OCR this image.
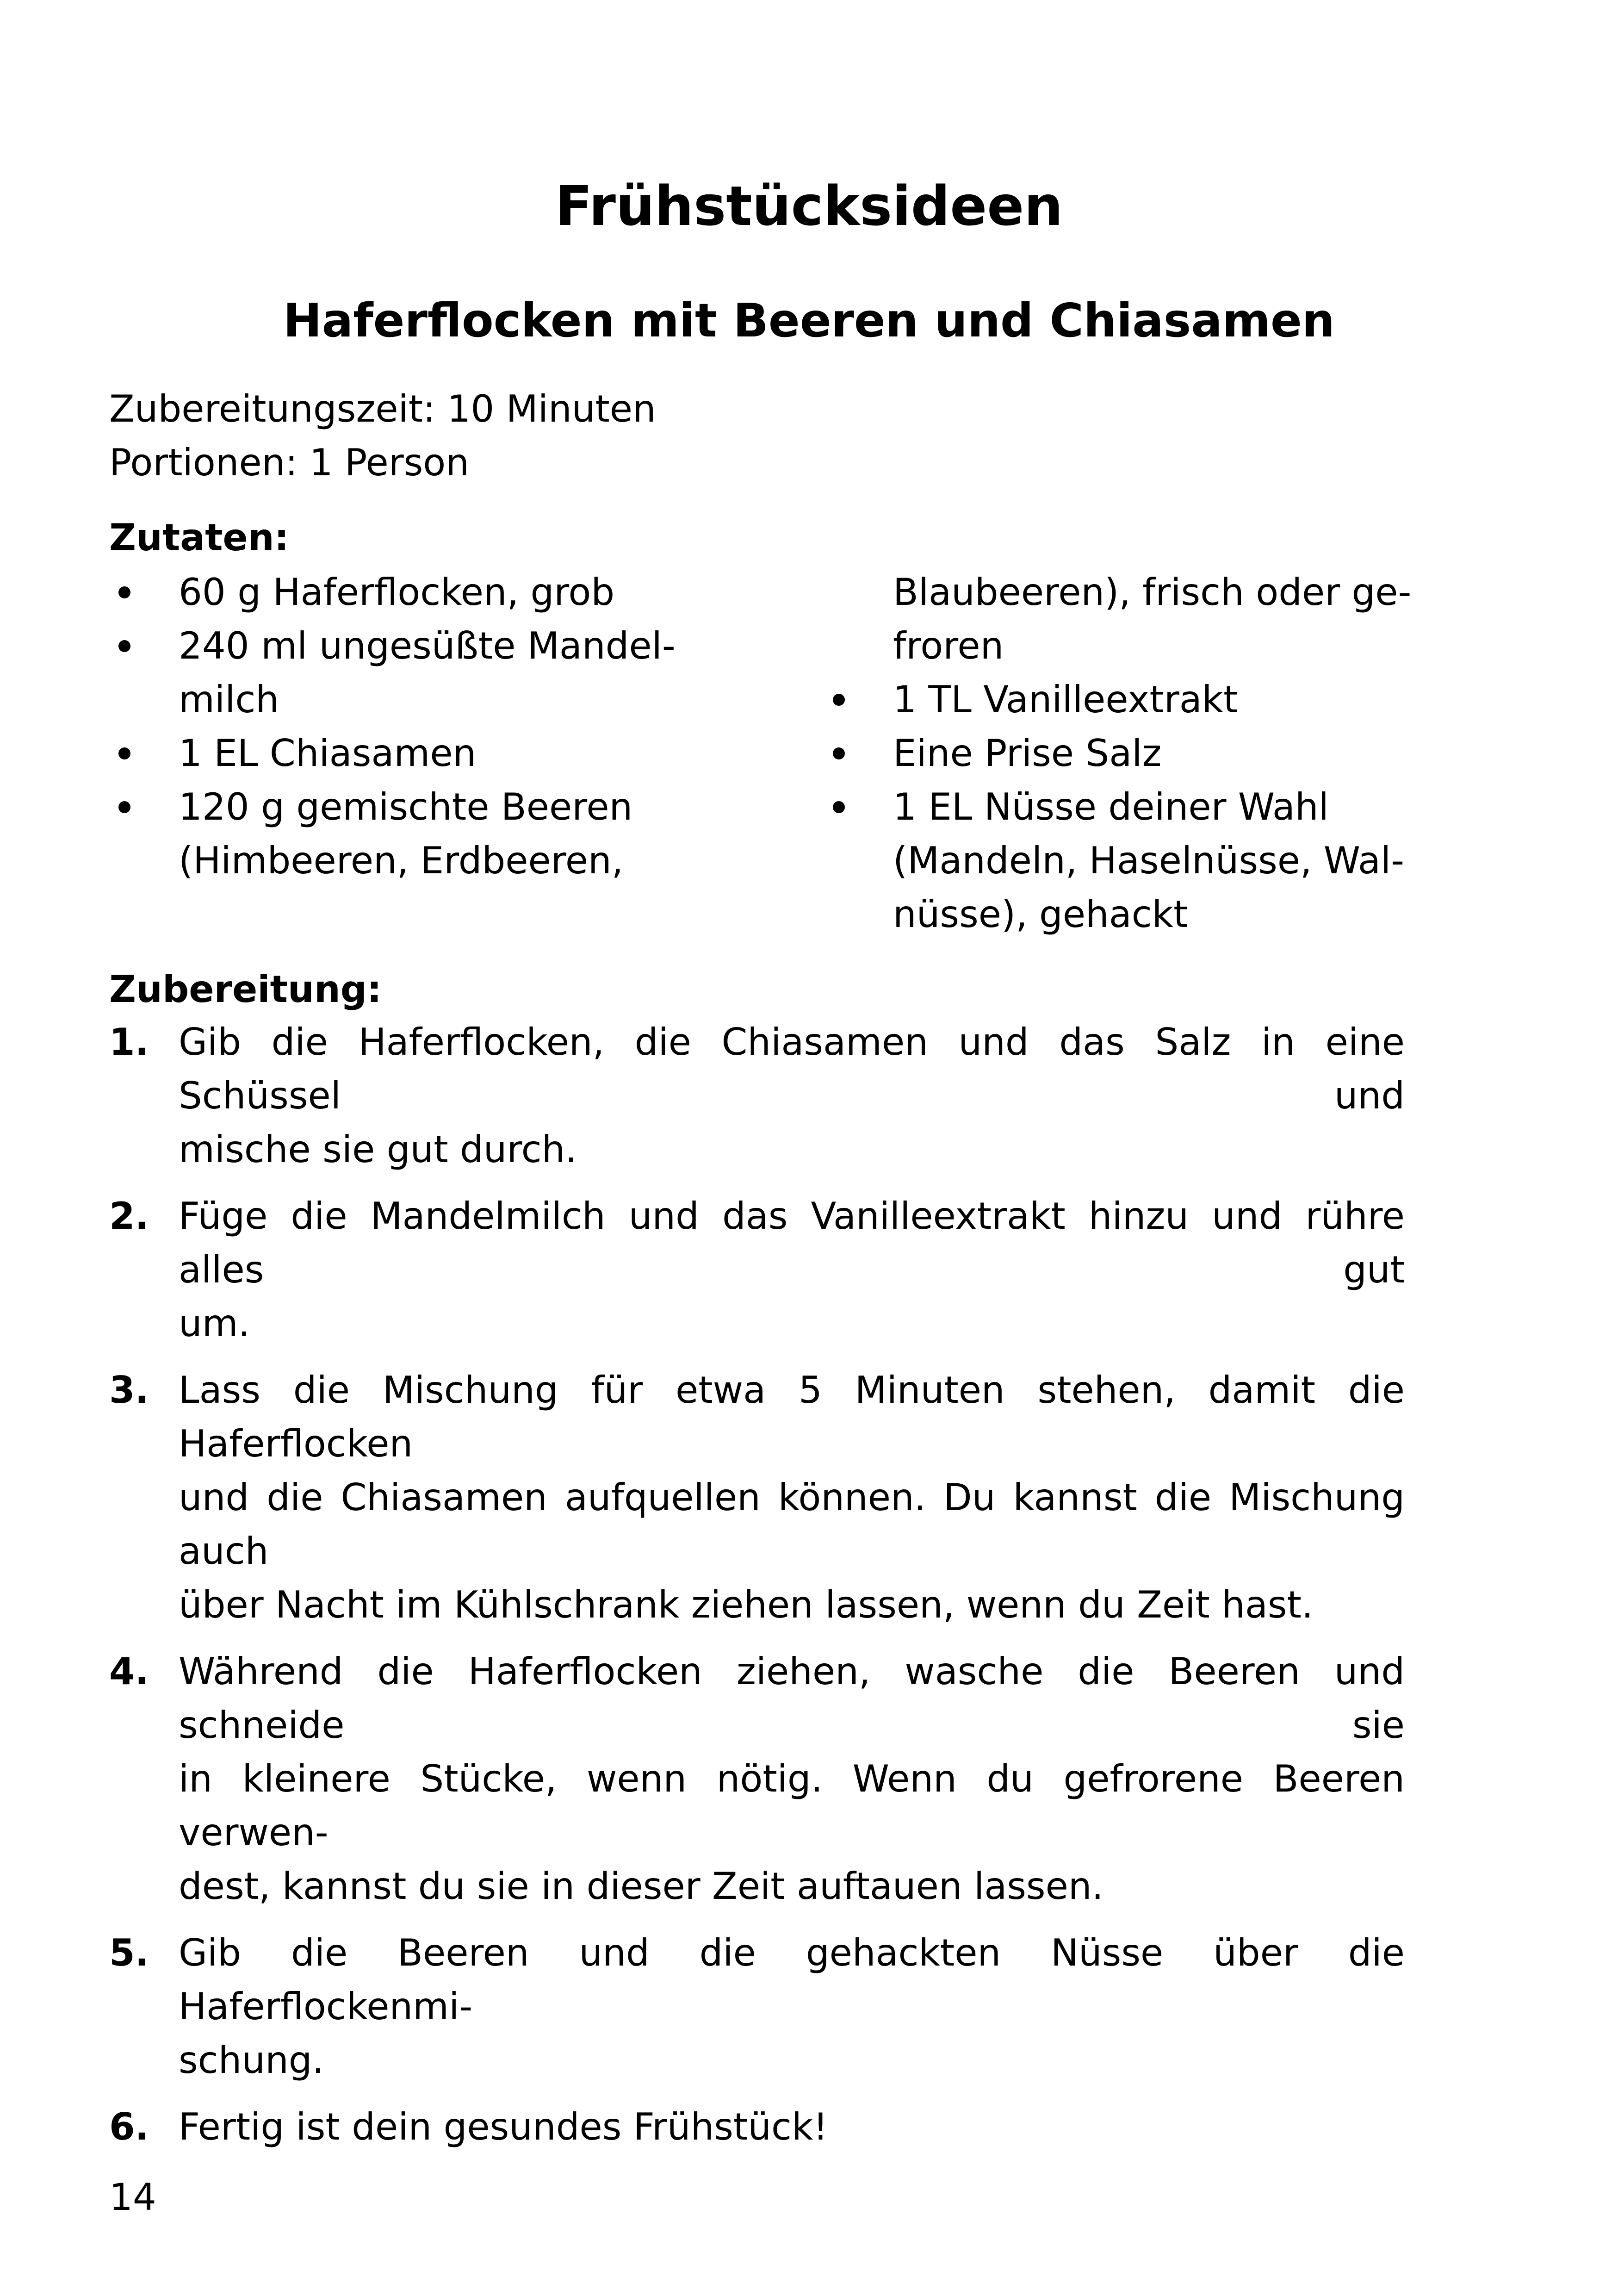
Frühstücksideen
Haferflocken mit Beeren und Chiasamen
Zubereitungszeit: 10 Minuten
Portionen: 1 Person
Zutaten:
60 g Haferflocken, grob
240 ml ungesüßte Mandel-
milch
1 EL Chiasamen
120 g gemischte Beeren
(Himbeeren, Erdbeeren,
Blaubeeren), frisch oder ge-
froren
1 TL Vanilleextrakt
Eine Prise Salz
1 EL Nüsse deiner Wahl
(Mandeln, Haselnüsse, Wal-
nüsse), gehackt
Zubereitung:
1. Gib die Haferflocken, die Chiasamen und das Salz in eine Schüssel und
mische sie gut durch.
2. Füge die Mandelmilch und das Vanilleextrakt hinzu und rühre alles gut
um.
3. Lass die Mischung für etwa 5 Minuten stehen, damit die Haferflocken
und die Chiasamen aufquellen können. Du kannst die Mischung auch
über Nacht im Kühlschrank ziehen lassen, wenn du Zeit hast.
4. Während die Haferflocken ziehen, wasche die Beeren und schneide sie
in kleinere Stücke, wenn nötig. Wenn du gefrorene Beeren verwen-
dest, kannst du sie in dieser Zeit auftauen lassen.
5. Gib die Beeren und die gehackten Nüsse über die Haferflockenmi-
schung.
6. Fertig ist dein gesundes Frühstück!
14
